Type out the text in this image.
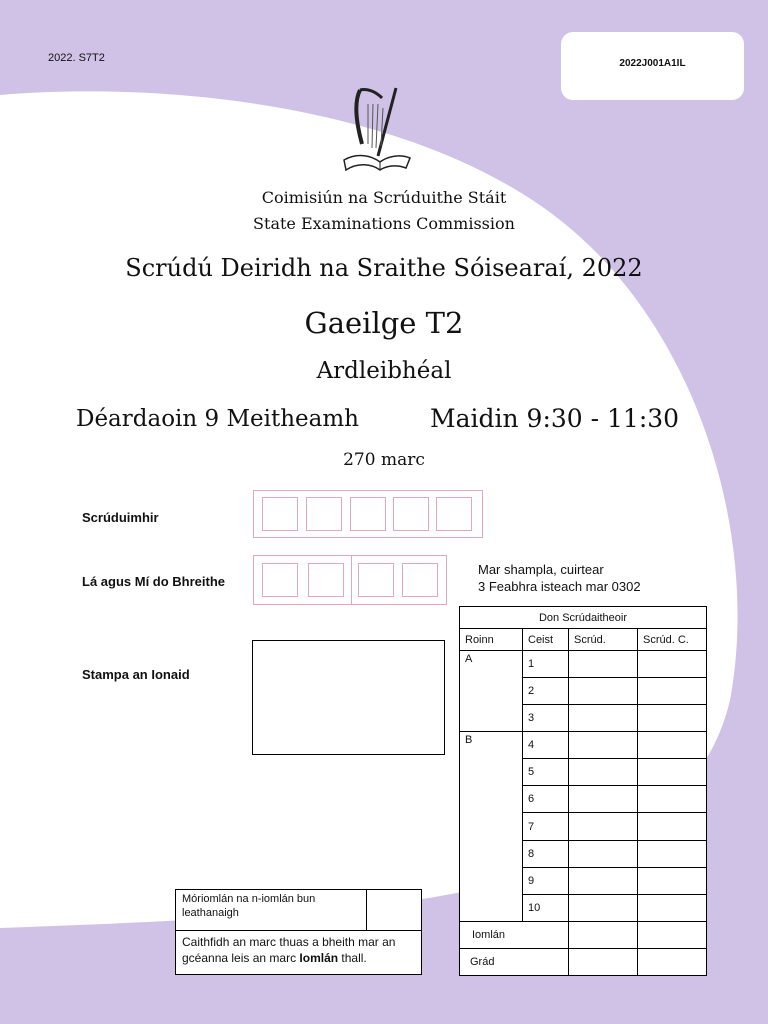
2022. S7T2	2022J001A1IL
Coimisiún na Scrúduithe Stáit
State Examinations Commission
Scrúdú Deiridh na Sraithe Sóisearaí, 2022
Gaeilge T2
Ardleibhéal
Déardaoin 9 Meitheamh	Maidin 9:30 - 11:30
270 marc
Scrúduimhir
Lá agus Mí do Bhreithe
Mar shampla, cuirtear
3 Feabhra isteach mar 0302
Stampa an Ionaid
Don Scrúdaitheoir			
Roinn	Ceist	Scrúd.	Scrúd. C.
A	1		
	2		
	3		
B	4		
	5		
	6		
	7		
	8		
	9		
	10		
Iomlán			
Grád			
Móriomlán na n-iomlán bun leathanaigh
Caithfidh an marc thuas a bheith mar an gcéanna leis an marc Iomlán thall.
